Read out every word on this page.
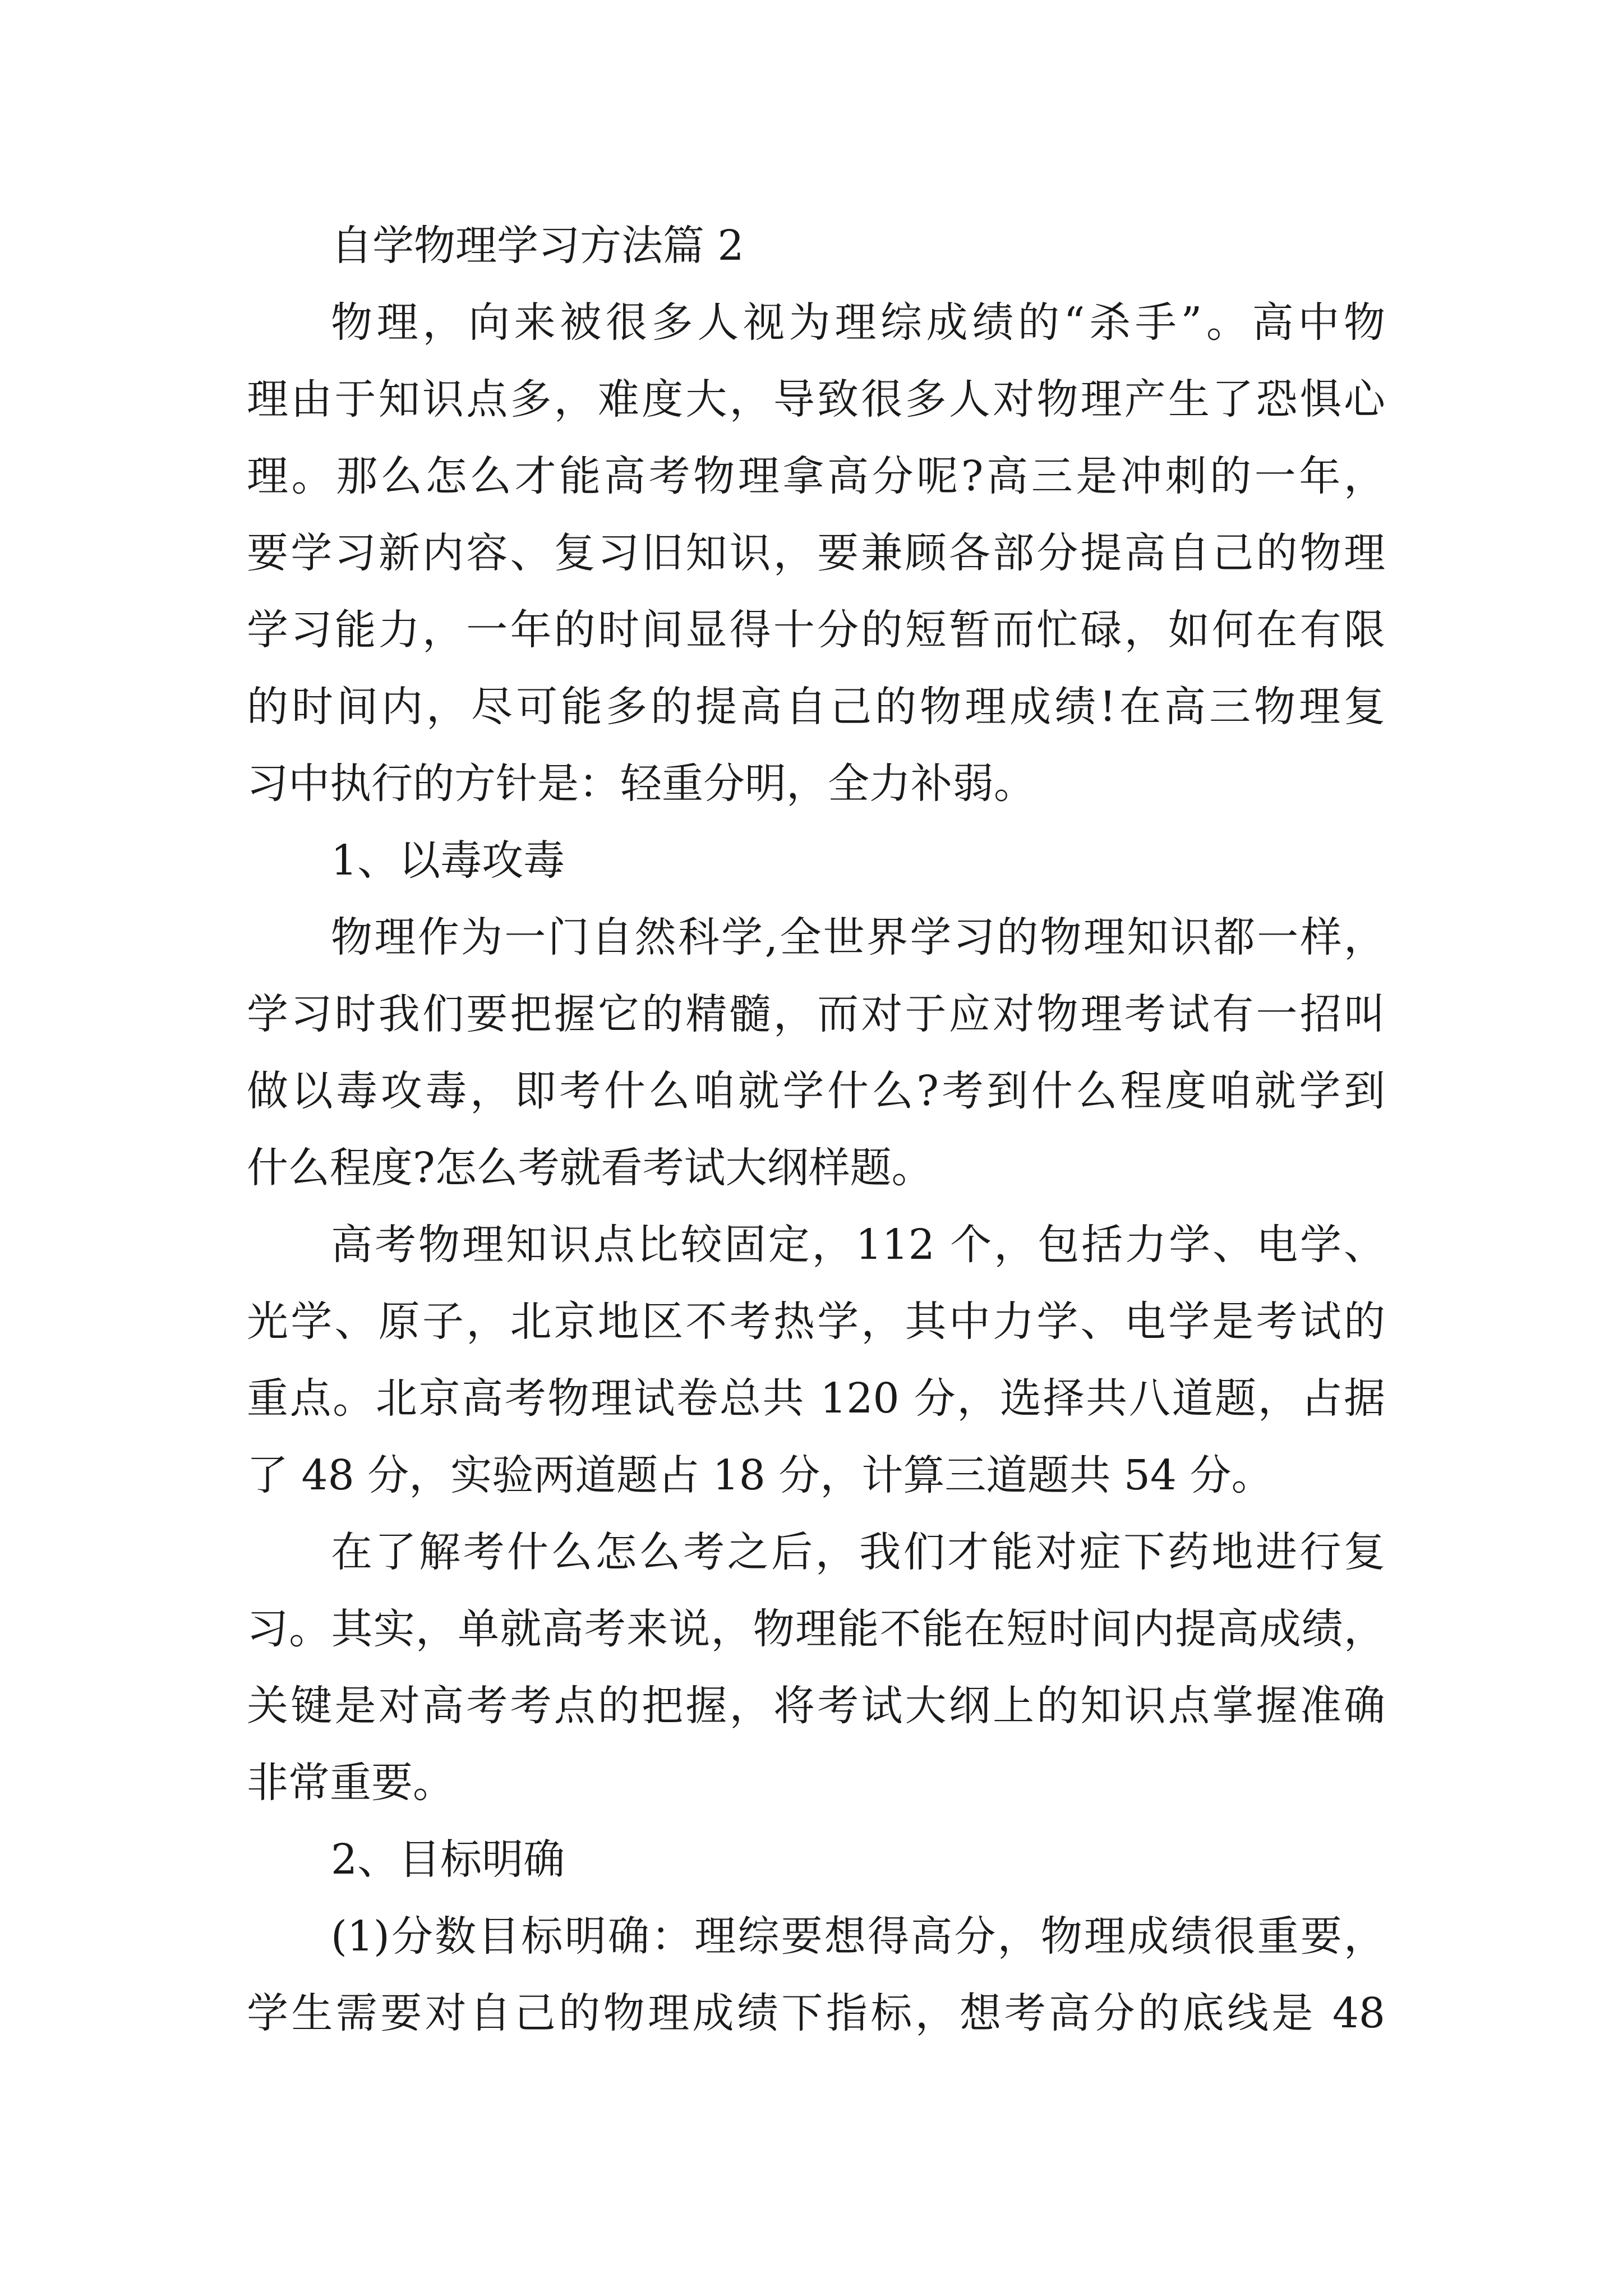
自学物理学习方法篇 2
物理，向来被很多人视为理综成绩的“杀手”。高中物
理由于知识点多，难度大，导致很多人对物理产生了恐惧心
理。那么怎么才能高考物理拿高分呢?高三是冲刺的一年，
要学习新内容、复习旧知识，要兼顾各部分提高自己的物理
学习能力，一年的时间显得十分的短暂而忙碌，如何在有限
的时间内，尽可能多的提高自己的物理成绩!在高三物理复
习中执行的方针是：轻重分明，全力补弱。
1、以毒攻毒
物理作为一门自然科学,全世界学习的物理知识都一样，
学习时我们要把握它的精髓，而对于应对物理考试有一招叫
做以毒攻毒，即考什么咱就学什么?考到什么程度咱就学到
什么程度?怎么考就看考试大纲样题。
高考物理知识点比较固定，112 个，包括力学、电学、
光学、原子，北京地区不考热学，其中力学、电学是考试的
重点。北京高考物理试卷总共 120 分，选择共八道题，占据
了 48 分，实验两道题占 18 分，计算三道题共 54 分。
在了解考什么怎么考之后，我们才能对症下药地进行复
习。其实，单就高考来说，物理能不能在短时间内提高成绩，
关键是对高考考点的把握，将考试大纲上的知识点掌握准确
非常重要。
2、目标明确
(1)分数目标明确：理综要想得高分，物理成绩很重要，
学生需要对自己的物理成绩下指标，想考高分的底线是 48
